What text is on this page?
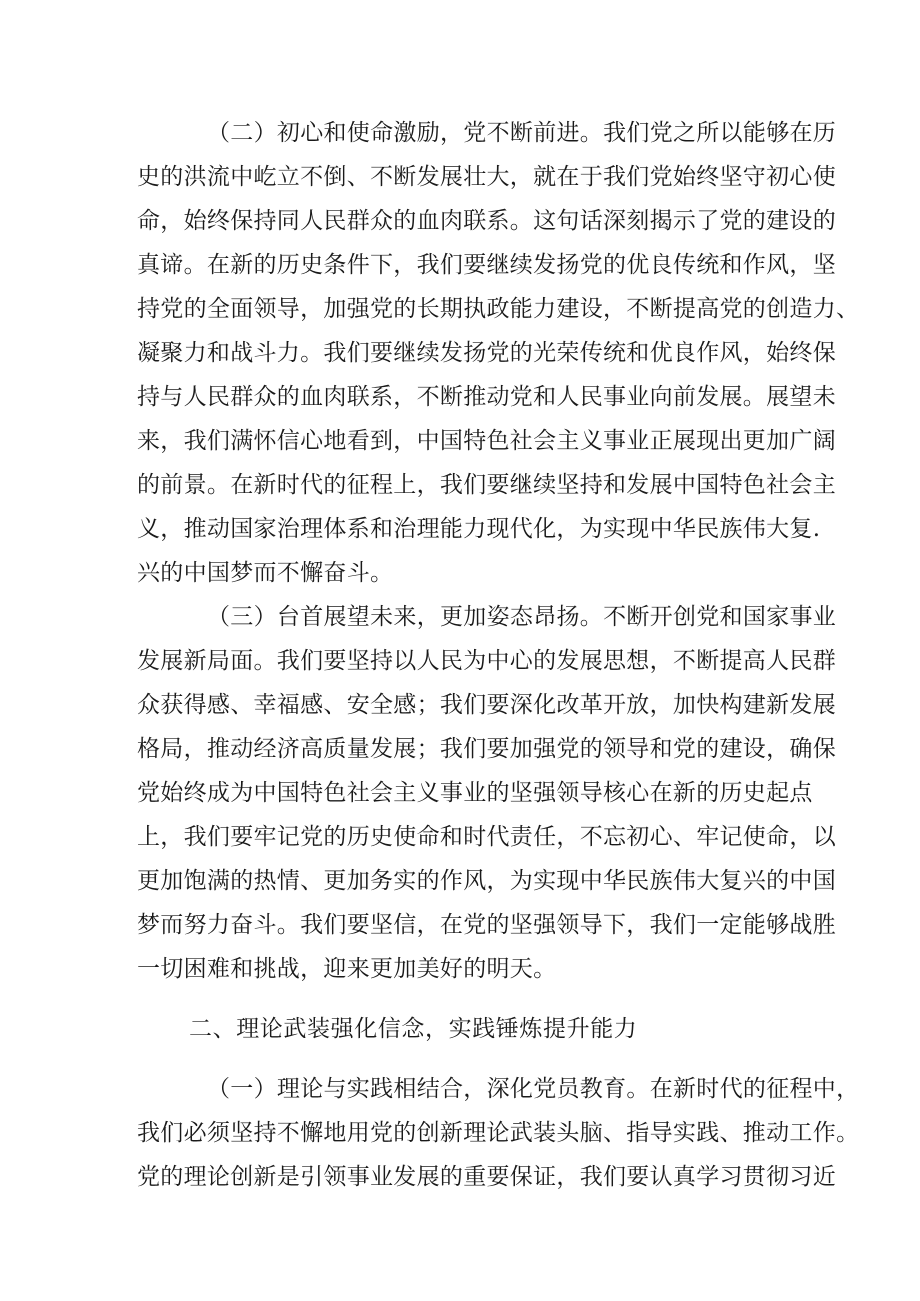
（二）初心和使命激励，党不断前进。我们党之所以能够在历
史的洪流中屹立不倒、不断发展壮大，就在于我们党始终坚守初心使
命，始终保持同人民群众的血肉联系。这句话深刻揭示了党的建设的
真谛。在新的历史条件下，我们要继续发扬党的优良传统和作风，坚
持党的全面领导，加强党的长期执政能力建设，不断提高党的创造力、
凝聚力和战斗力。我们要继续发扬党的光荣传统和优良作风，始终保
持与人民群众的血肉联系，不断推动党和人民事业向前发展。展望未
来，我们满怀信心地看到，中国特色社会主义事业正展现出更加广阔
的前景。在新时代的征程上，我们要继续坚持和发展中国特色社会主
义，推动国家治理体系和治理能力现代化，为实现中华民族伟大复.
兴的中国梦而不懈奋斗。
（三）台首展望未来，更加姿态昂扬。不断开创党和国家事业
发展新局面。我们要坚持以人民为中心的发展思想，不断提高人民群
众获得感、幸福感、安全感；我们要深化改革开放，加快构建新发展
格局，推动经济高质量发展；我们要加强党的领导和党的建设，确保
党始终成为中国特色社会主义事业的坚强领导核心在新的历史起点
上，我们要牢记党的历史使命和时代责任，不忘初心、牢记使命，以
更加饱满的热情、更加务实的作风，为实现中华民族伟大复兴的中国
梦而努力奋斗。我们要坚信，在党的坚强领导下，我们一定能够战胜
一切困难和挑战，迎来更加美好的明天。
二、理论武装强化信念，实践锤炼提升能力
（一）理论与实践相结合，深化党员教育。在新时代的征程中，
我们必须坚持不懈地用党的创新理论武装头脑、指导实践、推动工作。
党的理论创新是引领事业发展的重要保证，我们要认真学习贯彻习近
